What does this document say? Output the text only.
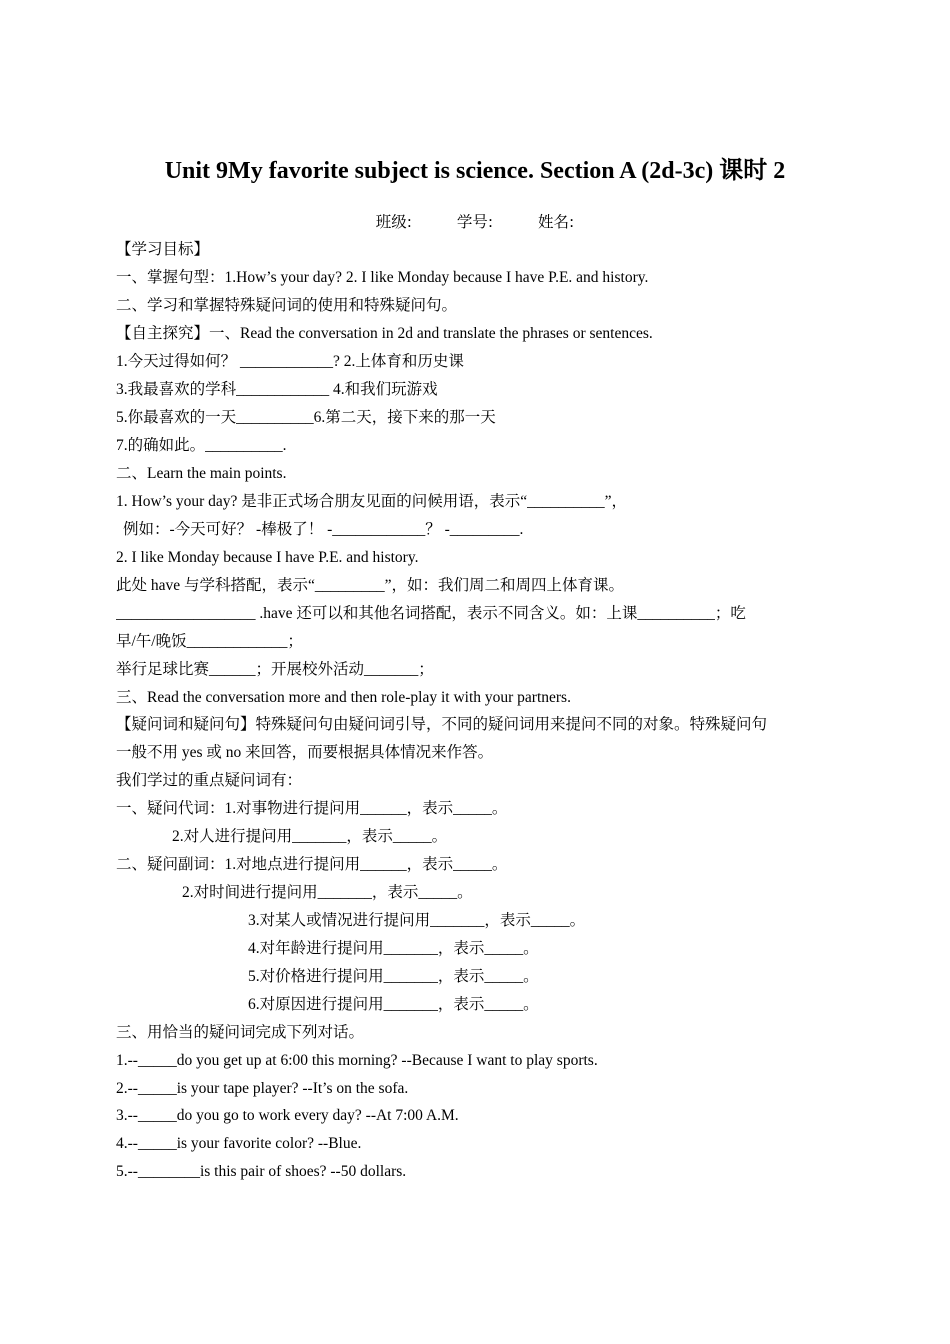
Unit 9My favorite subject is science. Section A (2d-3c) 课时 2
班级:	学号:	姓名:
【学习目标】
一、掌握句型：1.How’s your day? 2. I like Monday because I have P.E. and history.
二、学习和掌握特殊疑问词的使用和特殊疑问句。
【自主探究】一、Read the conversation in 2d and translate the phrases or sentences.
1.今天过得如何？ ____________? 2.上体育和历史课
3.我最喜欢的学科____________ 4.和我们玩游戏
5.你最喜欢的一天__________6.第二天，接下来的那一天
7.的确如此。__________.
二、Learn the main points.
1. How’s your day? 是非正式场合朋友见面的问候用语，表示“__________”，
例如：-今天可好？ -棒极了！ -____________？ -_________.
2. I like Monday because I have P.E. and history.
此处 have 与学科搭配，表示“_________”，如：我们周二和周四上体育课。
__________________ .have 还可以和其他名词搭配，表示不同含义。如：上课__________；吃
早/午/晚饭_____________；
举行足球比赛______；开展校外活动_______；
三、Read the conversation more and then role-play it with your partners.
【疑问词和疑问句】特殊疑问句由疑问词引导，不同的疑问词用来提问不同的对象。特殊疑问句
一般不用 yes 或 no 来回答，而要根据具体情况来作答。
我们学过的重点疑问词有：
一、疑问代词：1.对事物进行提问用______，表示_____。
2.对人进行提问用_______，表示_____。
二、疑问副词：1.对地点进行提问用______，表示_____。
2.对时间进行提问用_______，表示_____。
3.对某人或情况进行提问用_______，表示_____。
4.对年龄进行提问用_______，表示_____。
5.对价格进行提问用_______，表示_____。
6.对原因进行提问用_______，表示_____。
三、用恰当的疑问词完成下列对话。
1.--_____do you get up at 6:00 this morning? --Because I want to play sports.
2.--_____is your tape player? --It’s on the sofa.
3.--_____do you go to work every day? --At 7:00 A.M.
4.--_____is your favorite color? --Blue.
5.--________is this pair of shoes? --50 dollars.
